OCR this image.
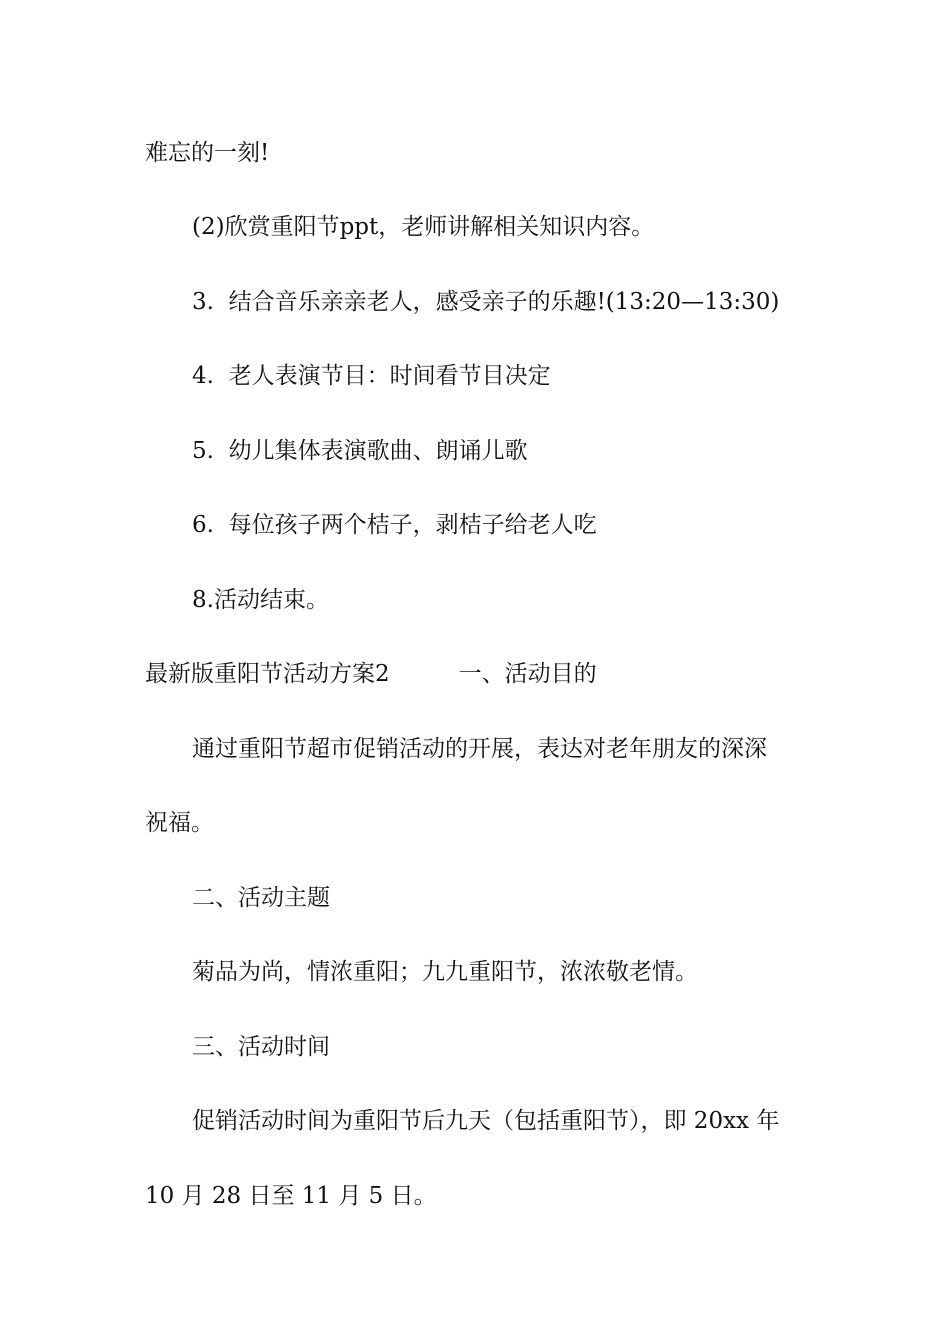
难忘的一刻!
(2)欣赏重阳节ppt，老师讲解相关知识内容。
3.  结合音乐亲亲老人，感受亲子的乐趣!(13:20—13:30)
4.  老人表演节目：时间看节目决定
5.  幼儿集体表演歌曲、朗诵儿歌
6.  每位孩子两个桔子，剥桔子给老人吃
8.活动结束。
最新版重阳节活动方案2　　　一、活动目的
通过重阳节超市促销活动的开展，表达对老年朋友的深深
祝福。
二、活动主题
菊品为尚，情浓重阳；九九重阳节，浓浓敬老情。
三、活动时间
促销活动时间为重阳节后九天（包括重阳节），即 20xx 年
10 月 28 日至 11 月 5 日。
